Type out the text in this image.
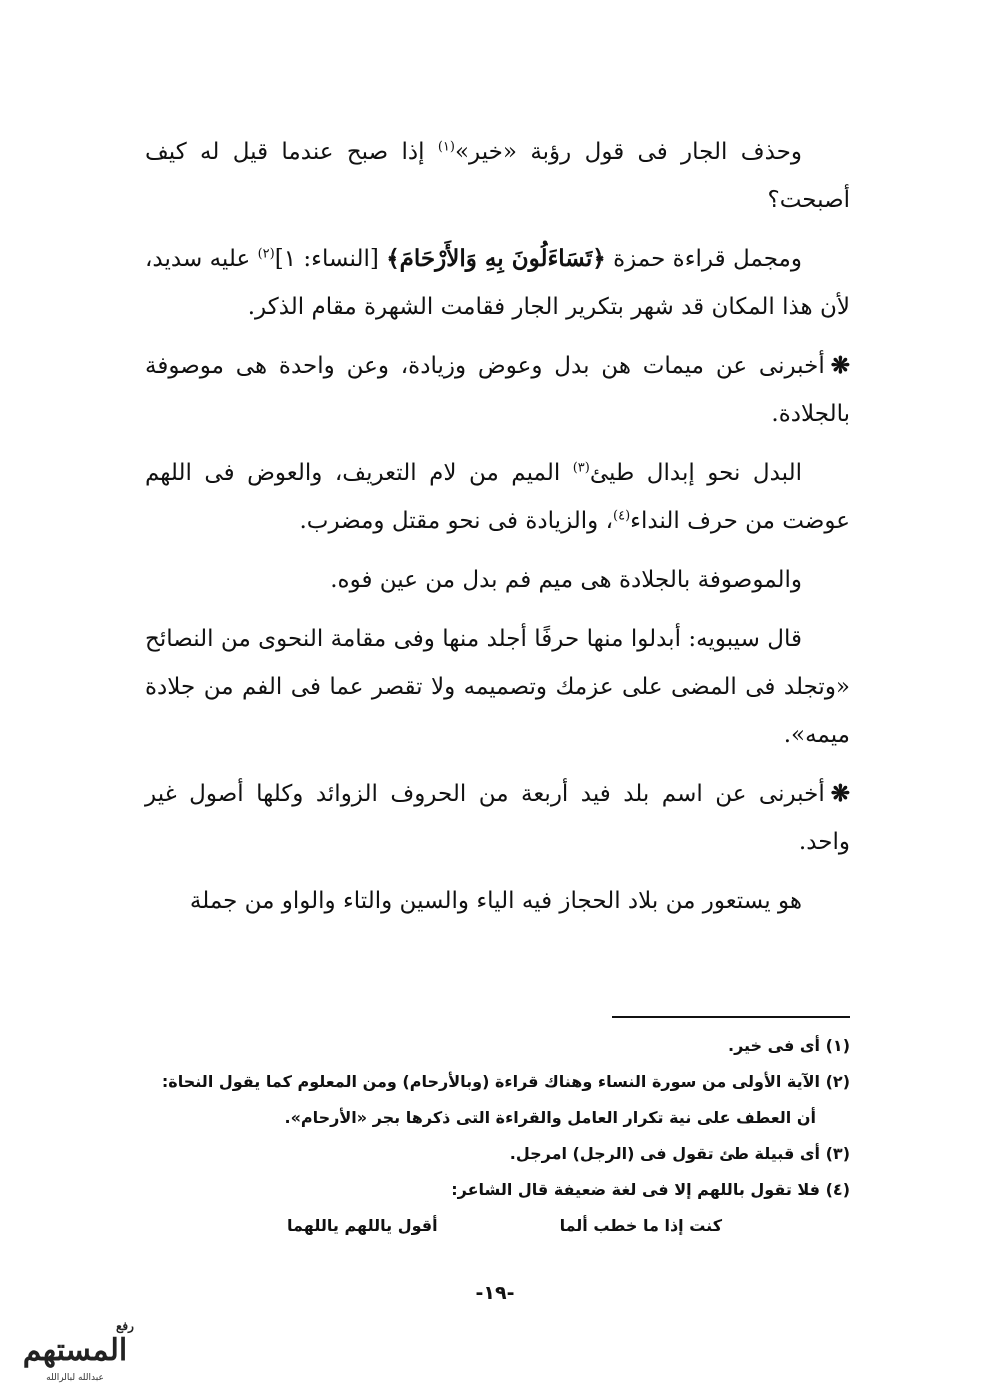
وحذف الجار فى قول رؤبة «خير»$^{(١)}$ إذا صبح عندما قيل له كيف أصبحت؟

ومجمل قراءة حمزة ﴿تَسَاءَلُونَ بِهِ وَالأَرْحَامَ﴾ [النساء: ١]$^{(٢)}$ عليه سديد، لأن هذا المكان قد شهر بتكرير الجار فقامت الشهرة مقام الذكر.

❋أخبرنى عن ميمات هن بدل وعوض وزيادة، وعن واحدة هى موصوفة بالجلادة.

البدل نحو إبدال طيئ$^{(٣)}$ الميم من لام التعريف، والعوض فى اللهم عوضت من حرف النداء$^{(٤)}$، والزيادة فى نحو مقتل ومضرب.

والموصوفة بالجلادة هى ميم فم بدل من عين فوه.

قال سيبويه: أبدلوا منها حرفًا أجلد منها وفى مقامة النحوى من النصائح «وتجلد فى المضى على عزمك وتصميمه ولا تقصر عما فى الفم من جلادة ميمه».

❋أخبرنى عن اسم بلد فيد أربعة من الحروف الزوائد وكلها أصول غير واحد.

هو يستعور من بلاد الحجاز فيه الياء والسين والتاء والواو من جملة

(١) أى فى خير.

(٢) الآية الأولى من سورة النساء وهناك قراءة (وبالأرحام) ومن المعلوم كما يقول النحاة:

أن العطف على نية تكرار العامل والقراءة التى ذكرها بجر «الأرحام».

(٣) أى قبيلة طئ تقول فى (الرجل) امرجل.

(٤) فلا تقول باللهم إلا فى لغة ضعيفة قال الشاعر:

كنت إذا ما خطب ألما
أقول ياللهم ياللهما
-١٩-
رفع
المستهم
عبدالله لبالرالله
